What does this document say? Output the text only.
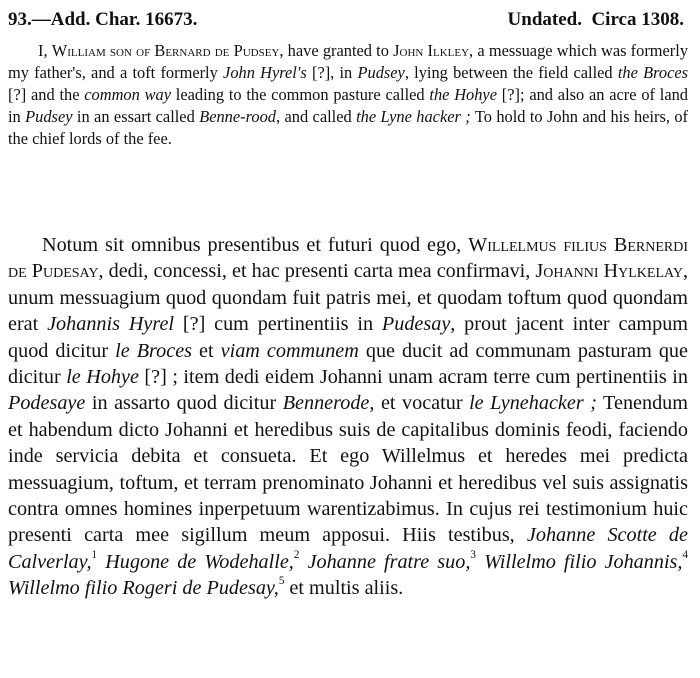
93.—Add. Char. 16673.	Undated.  Circa 1308.

I, William son of Bernard de Pudsey, have granted to John Ilkley, a messuage which was formerly my father's, and a toft formerly John Hyrel's [?], in Pudsey, lying between the field called the Broces [?] and the common way leading to the common pasture called the Hohye [?]; and also an acre of land in Pudsey in an essart called Benne-rood, and called the Lyne hacker ; To hold to John and his heirs, of the chief lords of the fee.

Notum sit omnibus presentibus et futuri quod ego, Willelmus filius Bernerdi de Pudesay, dedi, concessi, et hac presenti carta mea confirmavi, Johanni Hylkelay, unum messuagium quod quondam fuit patris mei, et quodam toftum quod quondam erat Johannis Hyrel [?] cum pertinentiis in Pudesay, prout jacent inter campum quod dicitur le Broces et viam communem que ducit ad communam pasturam que dicitur le Hohye [?] ; item dedi eidem Johanni unam acram terre cum pertinentiis in Podesaye in assarto quod dicitur Bennerode, et vocatur le Lynehacker ; Tenendum et habendum dicto Johanni et heredibus suis de capitalibus dominis feodi, faciendo inde servicia debita et consueta. Et ego Willelmus et heredes mei predicta messuagium, toftum, et terram prenominato Johanni et heredibus vel suis assignatis contra omnes homines inperpetuum warentizabimus. In cujus rei testimonium huic presenti carta mee sigillum meum apposui. Hiis testibus, Johanne Scotte de Calverlay,$^1$ Hugone de Wodehalle,$^2$ Johanne fratre suo,$^3$ Willelmo filio Johannis,$^4$ Willelmo filio Rogeri de Pudesay,$^5$ et multis aliis.
